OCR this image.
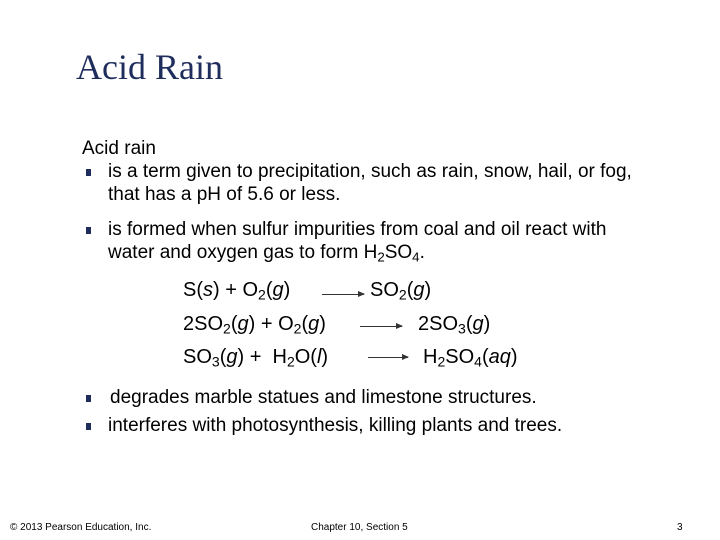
Acid Rain
Acid rain
is a term given to precipitation, such as rain, snow, hail, or fog,
that has a pH of 5.6 or less.
is formed when sulfur impurities from coal and oil react with
water and oxygen gas to form $H_2SO_4$.
$S(s) + O_2(g) \to SO_2(g)$
$2SO_2(g) + O_2(g) \to 2SO_3(g)$
$SO_3(g) + H_2O(l) \to H_2SO_4(aq)$
degrades marble statues and limestone structures.
interferes with photosynthesis, killing plants and trees.
© 2013 Pearson Education, Inc.	Chapter 10, Section 5	3
